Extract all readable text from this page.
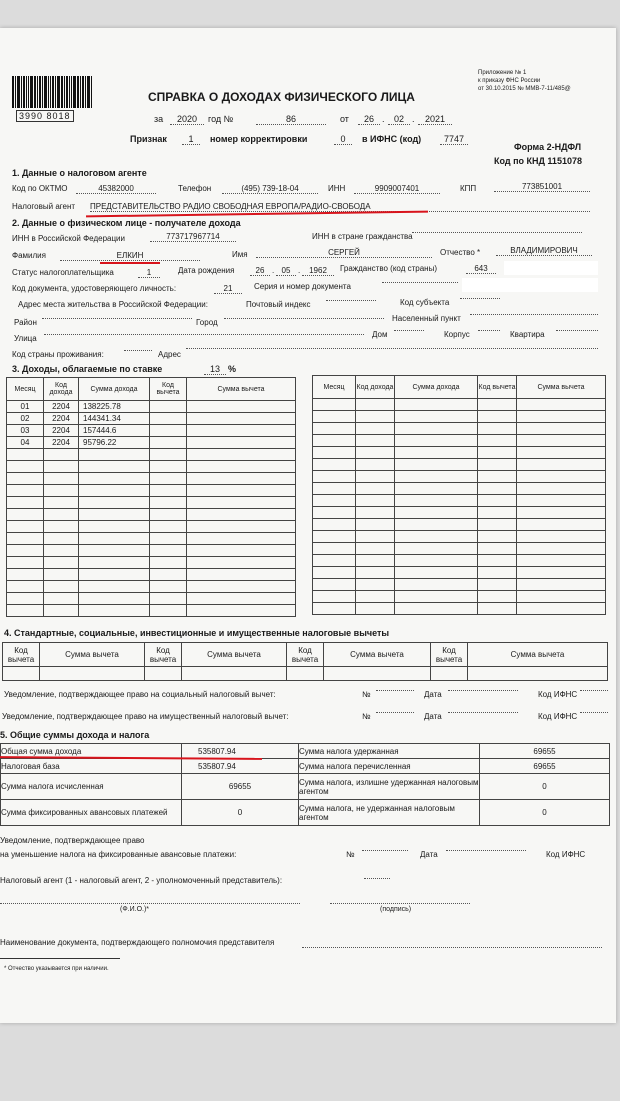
3990 8018
СПРАВКА О ДОХОДАХ ФИЗИЧЕСКОГО ЛИЦА
Приложение № 1
к приказу ФНС России
от 30.10.2015 № ММВ-7-11/485@
за	2020	год №	86	от	26 .	02 .	2021
Признак	1	номер корректировки	0	в ИФНС (код)	7747
Форма 2-НДФЛ
Код по КНД 1151078
1. Данные о налоговом агенте
Код по ОКТМО	45382000	Телефон	(495) 739-18-04	ИНН	9909007401	КПП	773851001
Налоговый агент ПРЕДСТАВИТЕЛЬСТВО РАДИО СВОБОДНАЯ ЕВРОПА/РАДИО-СВОБОДА
2. Данные о физическом лице - получателе дохода
ИНН в Российской Федерации	773717967714	ИНН в стране гражданства
Фамилия	ЕЛКИН	Имя	СЕРГЕЙ	Отчество *	ВЛАДИМИРОВИЧ
Статус налогоплательщика	1	Дата рождения	26 . 05 .	1962	Гражданство (код страны)	643
Код документа, удостоверяющего личность:	21	Серия и номер документа
Адрес места жительства в Российской Федерации:	Почтовый индекс	Код субъекта
Район	Город	Населенный пункт
Улица	Дом	Корпус	Квартира
Код страны проживания:	Адрес
3. Доходы, облагаемые по ставке	13 %
Месяц	Код дохода	Сумма дохода	Код вычета	Сумма вычета
01	2204	138225.78		
02	2204	144341.34		
03	2204	157444.6		
04	2204	95796.22		

Месяц	Код дохода	Сумма дохода	Код вычета	Сумма вычета

4. Стандартные, социальные, инвестиционные и имущественные налоговые вычеты
Код вычета	Сумма вычета	Код вычета	Сумма вычета	Код вычета	Сумма вычета	Код вычета	Сумма вычета

Уведомление, подтверждающее право на социальный налоговый вычет:	№	Дата	Код ИФНС
Уведомление, подтверждающее право на имущественный налоговый вычет:	№	Дата	Код ИФНС
5. Общие суммы дохода и налога
Общая сумма дохода	535807.94	Сумма налога удержанная	69655
Налоговая база	535807.94	Сумма налога перечисленная	69655
Сумма налога исчисленная	69655	Сумма налога, излишне удержанная налоговым агентом	0
Сумма фиксированных авансовых платежей	0	Сумма налога, не удержанная налоговым агентом	0
Уведомление, подтверждающее право
на уменьшение налога на фиксированные авансовые платежи:	№	Дата	Код ИФНС
Налоговый агент (1 - налоговый агент, 2 - уполномоченный представитель):
(Ф.И.О.)*	(подпись)
Наименование документа, подтверждающего полномочия представителя
* Отчество указывается при наличии.
